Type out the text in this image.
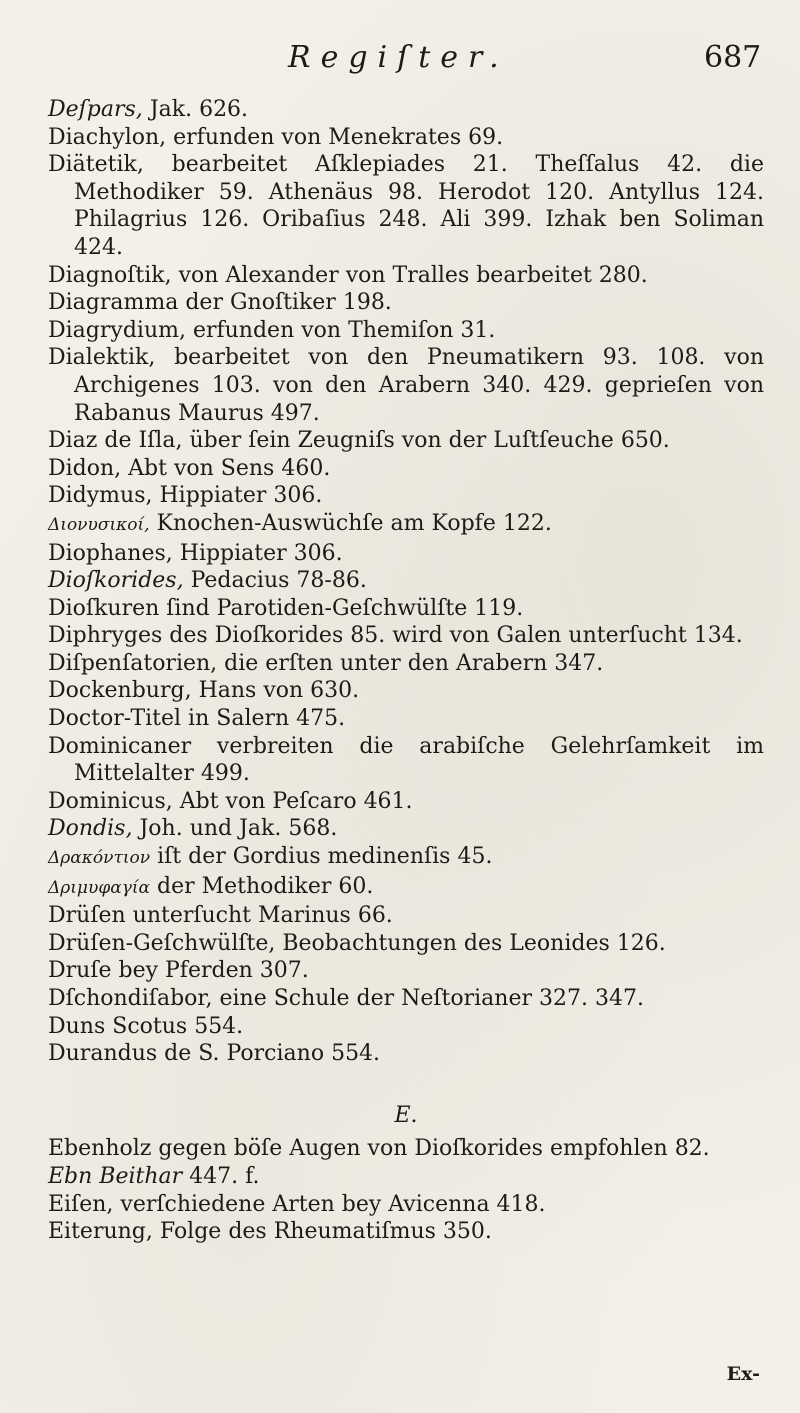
Regiſter.	687
Deſpars, Jak. 626.
Diachylon, erfunden von Menekrates 69.
Diätetik, bearbeitet Aſklepiades 21. Theſſalus 42. die Methodiker 59. Athenäus 98. Herodot 120. Antyllus 124. Philagrius 126. Oribaſius 248. Ali 399. Izhak ben Soliman 424.
Diagnoſtik, von Alexander von Tralles bearbeitet 280.
Diagramma der Gnoſtiker 198.
Diagrydium, erfunden von Themiſon 31.
Dialektik, bearbeitet von den Pneumatikern 93. 108. von Archigenes 103. von den Arabern 340. 429. geprieſen von Rabanus Maurus 497.
Diaz de Iſla, über ſein Zeugniſs von der Luſtſeuche 650.
Didon, Abt von Sens 460.
Didymus, Hippiater 306.
Διονυσικοί, Knochen-Auswüchſe am Kopfe 122.
Diophanes, Hippiater 306.
Dioſkorides, Pedacius 78-86.
Dioſkuren ſind Parotiden-Geſchwülſte 119.
Diphryges des Dioſkorides 85. wird von Galen unterſucht 134.
Diſpenſatorien, die erſten unter den Arabern 347.
Dockenburg, Hans von 630.
Doctor-Titel in Salern 475.
Dominicaner verbreiten die arabiſche Gelehrſamkeit im Mittelalter 499.
Dominicus, Abt von Peſcaro 461.
Dondis, Joh. und Jak. 568.
Δρακόντιον iſt der Gordius medinenſis 45.
Δριμυφαγία der Methodiker 60.
Drüſen unterſucht Marinus 66.
Drüſen-Geſchwülſte, Beobachtungen des Leonides 126.
Druſe bey Pferden 307.
Dſchondiſabor, eine Schule der Neſtorianer 327. 347.
Duns Scotus 554.
Durandus de S. Porciano 554.
E.
Ebenholz gegen böſe Augen von Dioſkorides empfohlen 82.
Ebn Beithar 447. f.
Eiſen, verſchiedene Arten bey Avicenna 418.
Eiterung, Folge des Rheumatiſmus 350.
Ex-
